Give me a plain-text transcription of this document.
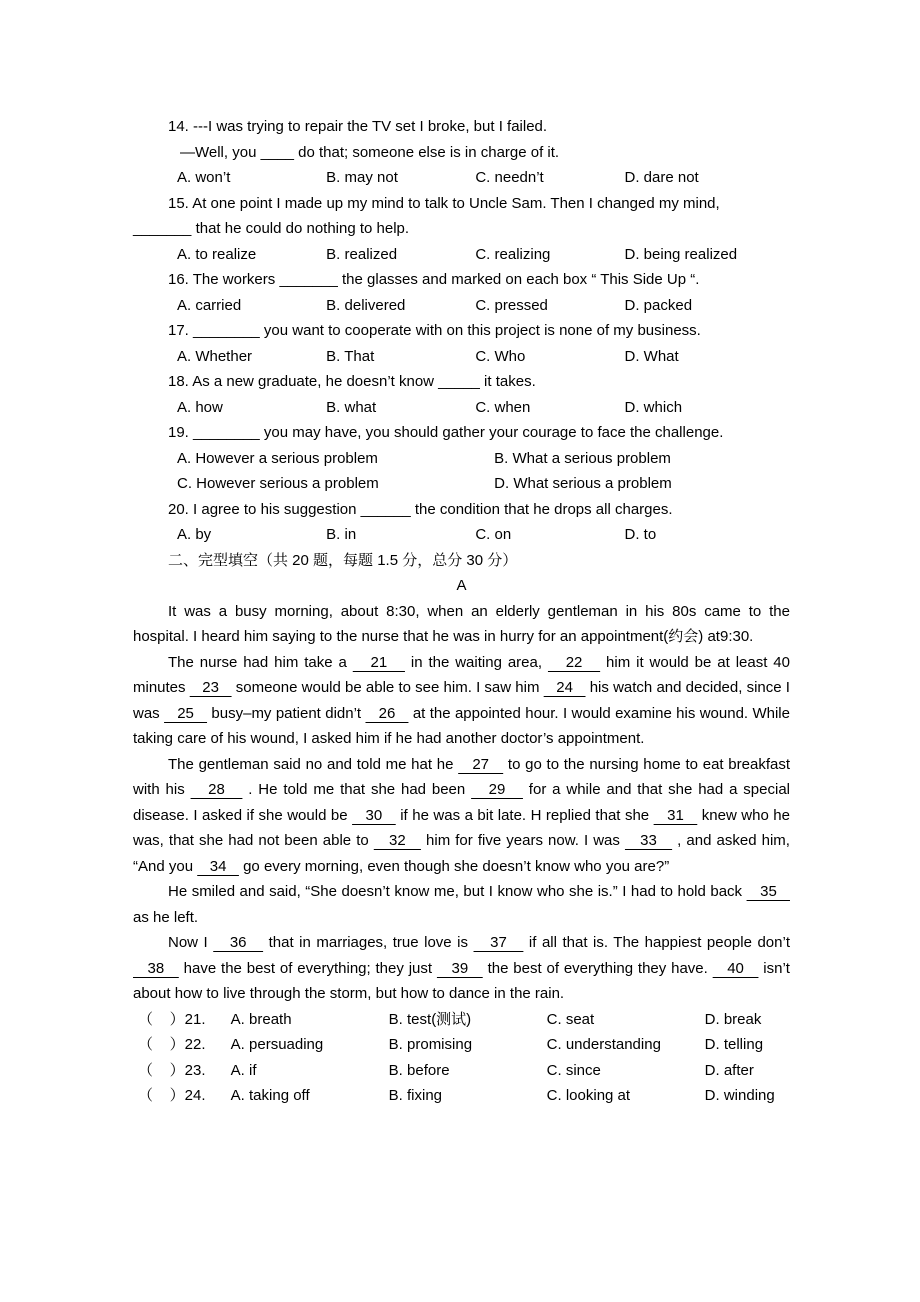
14. ---I was trying to repair the TV set I broke, but I failed.
—Well, you ____ do that; someone else is in charge of it.
A. won’t	B. may not	C. needn’t	D. dare not
15. At one point I made up my mind to talk to Uncle Sam. Then I changed my mind,
_______ that he could do nothing to help.
A. to realize	B. realized	C. realizing	D. being realized
16. The workers _______ the glasses and marked on each box “ This Side Up “.
A. carried	B. delivered	C. pressed	D. packed
17. ________ you want to cooperate with on this project is none of my business.
A. Whether	B. That	C. Who	D. What
18. As a new graduate, he doesn’t know _____ it takes.
A. how	B. what	C. when	D. which
19. ________ you may have, you should gather your courage to face the challenge.
A. However a serious problem	B. What a serious problem
C. However serious a problem	D. What serious a problem
20. I agree to his suggestion ______ the condition that he drops all charges.
A. by	B. in	C. on	D. to
二、完型填空（共 20 题，每题 1.5 分，总分 30 分）
A

It was a busy morning, about 8:30, when an elderly gentleman in his 80s came to the hospital. I heard him saying to the nurse that he was in hurry for an appointment(约会) at9:30.

The nurse had him take a    21    in the waiting area,    22    him it would be at least 40 minutes    23    someone would be able to see him. I saw him    24    his watch and decided, since I was    25    busy–my patient didn’t    26    at the appointed hour. I would examine his wound. While taking care of his wound, I asked him if he had another doctor’s appointment.

The gentleman said no and told me hat he    27    to go to the nursing home to eat breakfast with his    28    . He told me that she had been    29    for a while and that she had a special disease. I asked if she would be    30    if he was a bit late. H replied that she    31    knew who he was, that she had not been able to    32    him for five years now. I was    33    , and asked him, “And you    34    go every morning, even though she doesn’t know who you are?”

He smiled and said, “She doesn’t know me, but I know who she is.” I had to hold back    35    as he left.

Now I    36    that in marriages, true love is    37    if all that is. The happiest people don’t    38    have the best of everything; they just    39    the best of everything they have.    40    isn’t about how to live through the storm, but how to dance in the rain.

（    ）21. A. breath	B. test(测试)	C. seat	D. break
（    ）22. A. persuading	B. promising	C. understanding	D. telling
（    ）23. A. if	B. before	C. since	D. after
（    ）24. A. taking off	B. fixing	C. looking at	D. winding
